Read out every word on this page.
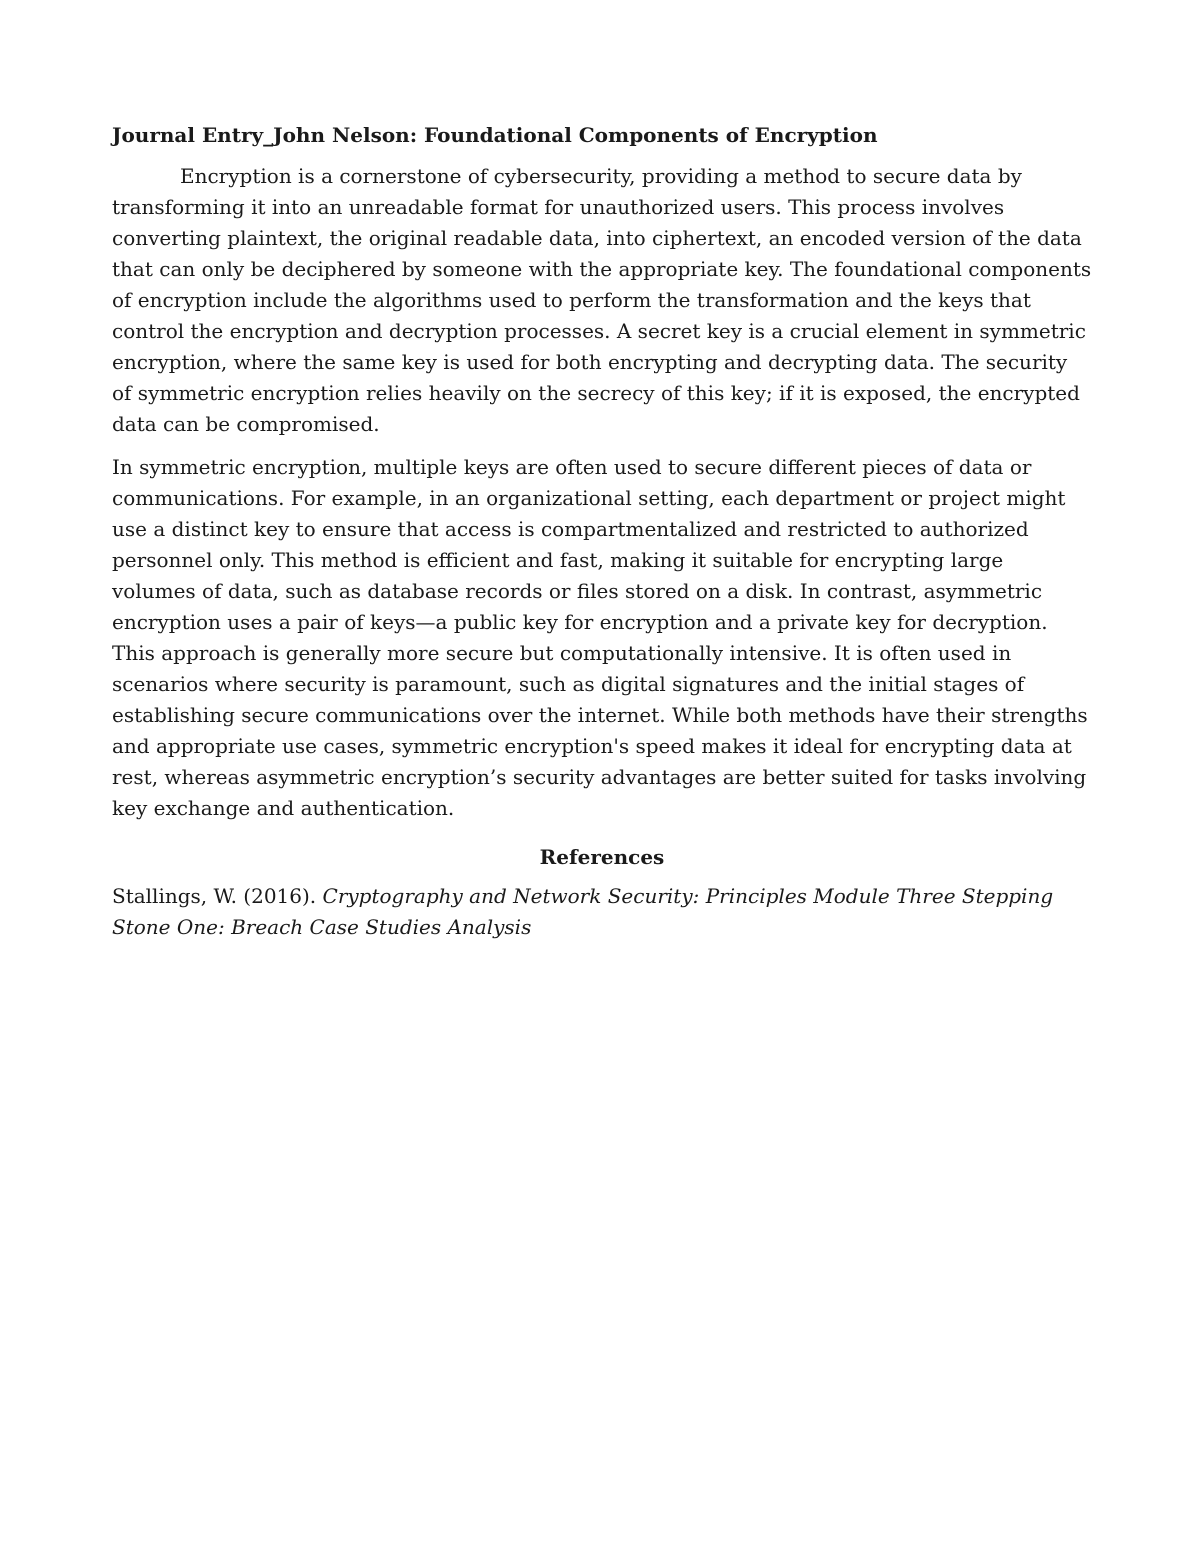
Journal Entry_John Nelson: Foundational Components of Encryption

Encryption is a cornerstone of cybersecurity, providing a method to secure data by transforming it into an unreadable format for unauthorized users. This process involves converting plaintext, the original readable data, into ciphertext, an encoded version of the data that can only be deciphered by someone with the appropriate key. The foundational components of encryption include the algorithms used to perform the transformation and the keys that control the encryption and decryption processes. A secret key is a crucial element in symmetric encryption, where the same key is used for both encrypting and decrypting data. The security of symmetric encryption relies heavily on the secrecy of this key; if it is exposed, the encrypted data can be compromised.

In symmetric encryption, multiple keys are often used to secure different pieces of data or communications. For example, in an organizational setting, each department or project might use a distinct key to ensure that access is compartmentalized and restricted to authorized personnel only. This method is efficient and fast, making it suitable for encrypting large volumes of data, such as database records or files stored on a disk. In contrast, asymmetric encryption uses a pair of keys—a public key for encryption and a private key for decryption. This approach is generally more secure but computationally intensive. It is often used in scenarios where security is paramount, such as digital signatures and the initial stages of establishing secure communications over the internet. While both methods have their strengths and appropriate use cases, symmetric encryption's speed makes it ideal for encrypting data at rest, whereas asymmetric encryption’s security advantages are better suited for tasks involving key exchange and authentication.

References

Stallings, W. (2016). Cryptography and Network Security: Principles Module Three Stepping Stone One: Breach Case Studies Analysis
